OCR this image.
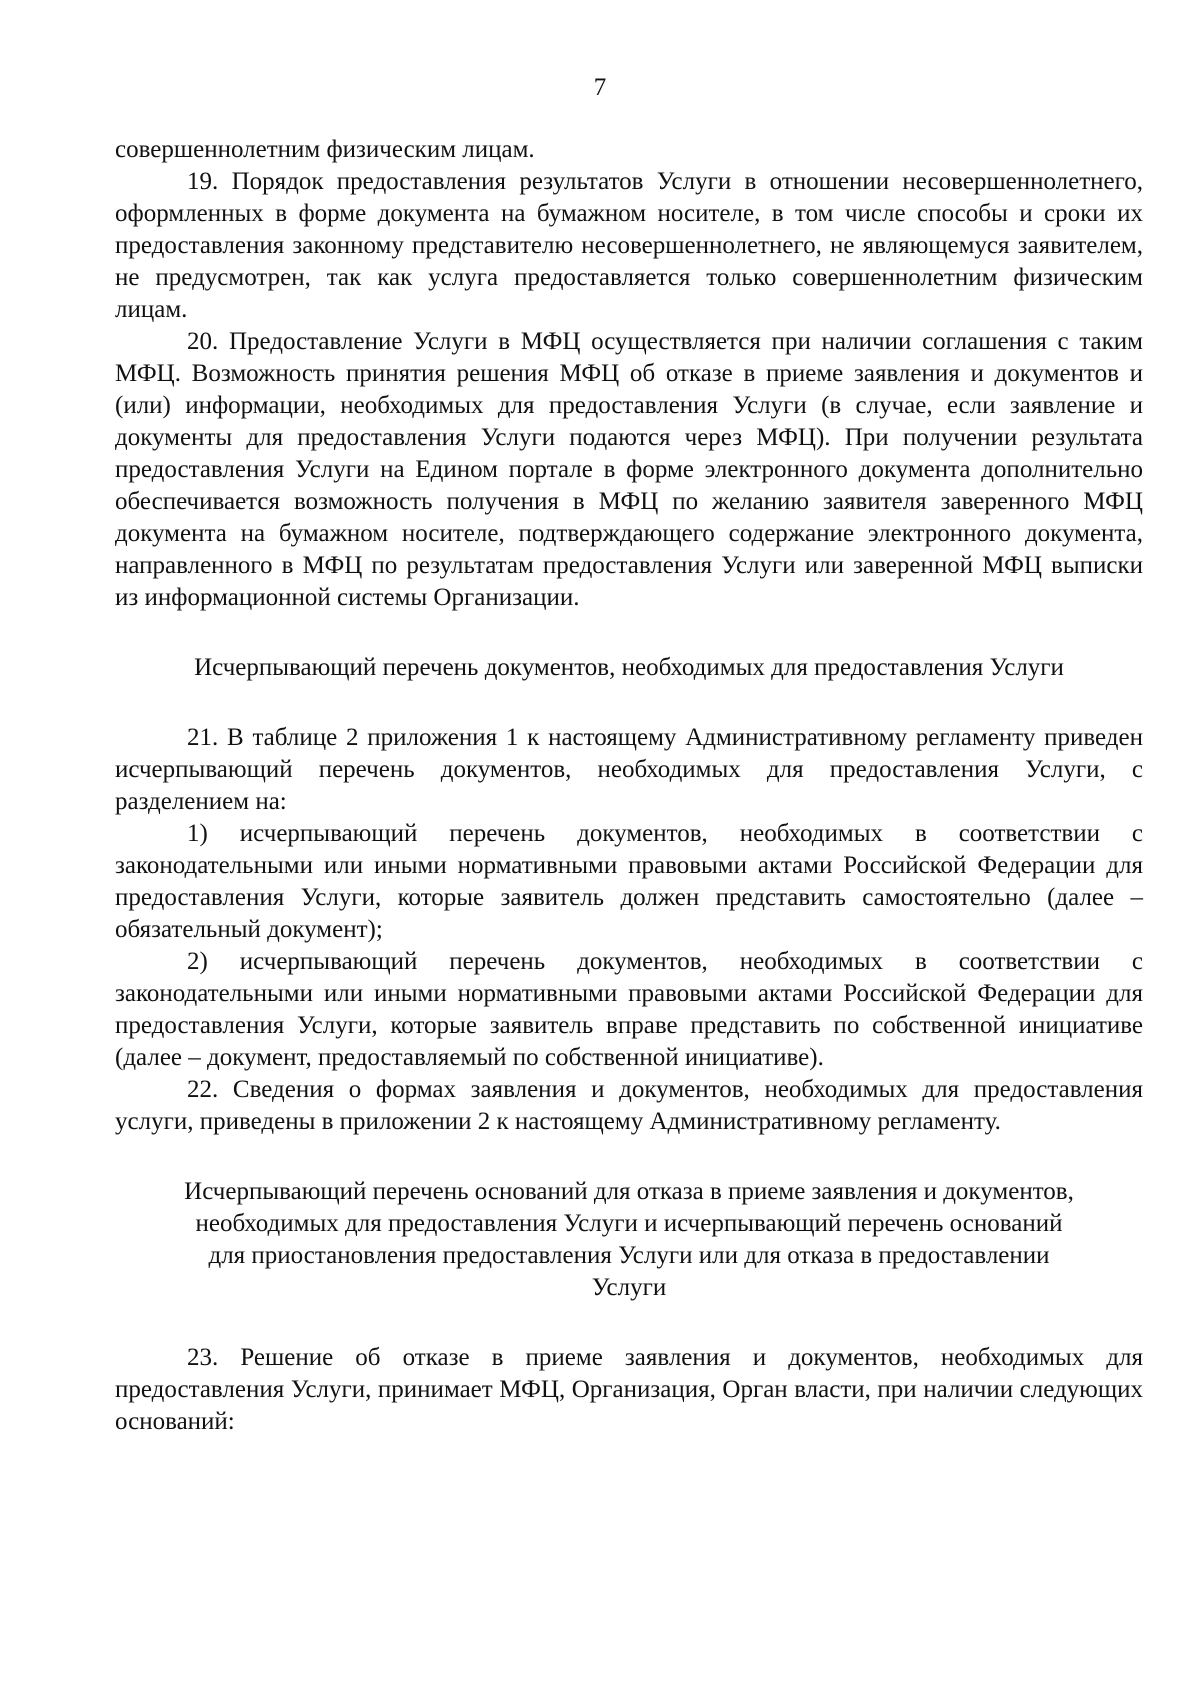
7

совершеннолетним физическим лицам.

19. Порядок предоставления результатов Услуги в отношении несовершеннолетнего, оформленных в форме документа на бумажном носителе, в том числе способы и сроки их предоставления законному представителю несовершеннолетнего, не являющемуся заявителем, не предусмотрен, так как услуга предоставляется только совершеннолетним физическим лицам.

20. Предоставление Услуги в МФЦ осуществляется при наличии соглашения с таким МФЦ. Возможность принятия решения МФЦ об отказе в приеме заявления и документов и (или) информации, необходимых для предоставления Услуги (в случае, если заявление и документы для предоставления Услуги подаются через МФЦ). При получении результата предоставления Услуги на Едином портале в форме электронного документа дополнительно обеспечивается возможность получения в МФЦ по желанию заявителя заверенного МФЦ документа на бумажном носителе, подтверждающего содержание электронного документа, направленного в МФЦ по результатам предоставления Услуги или заверенной МФЦ выписки из информационной системы Организации.

Исчерпывающий перечень документов, необходимых для предоставления Услуги

21. В таблице 2 приложения 1 к настоящему Административному регламенту приведен исчерпывающий перечень документов, необходимых для предоставления Услуги, с разделением на:

1) исчерпывающий перечень документов, необходимых в соответствии с законодательными или иными нормативными правовыми актами Российской Федерации для предоставления Услуги, которые заявитель должен представить самостоятельно (далее – обязательный документ);

2) исчерпывающий перечень документов, необходимых в соответствии с законодательными или иными нормативными правовыми актами Российской Федерации для предоставления Услуги, которые заявитель вправе представить по собственной инициативе (далее – документ, предоставляемый по собственной инициативе).

22. Сведения о формах заявления и документов, необходимых для предоставления услуги, приведены в приложении 2 к настоящему Административному регламенту.

Исчерпывающий перечень оснований для отказа в приеме заявления и документов,

необходимых для предоставления Услуги и исчерпывающий перечень оснований

для приостановления предоставления Услуги или для отказа в предоставлении

Услуги

23. Решение об отказе в приеме заявления и документов, необходимых для предоставления Услуги, принимает МФЦ, Организация, Орган власти, при наличии следующих оснований:
